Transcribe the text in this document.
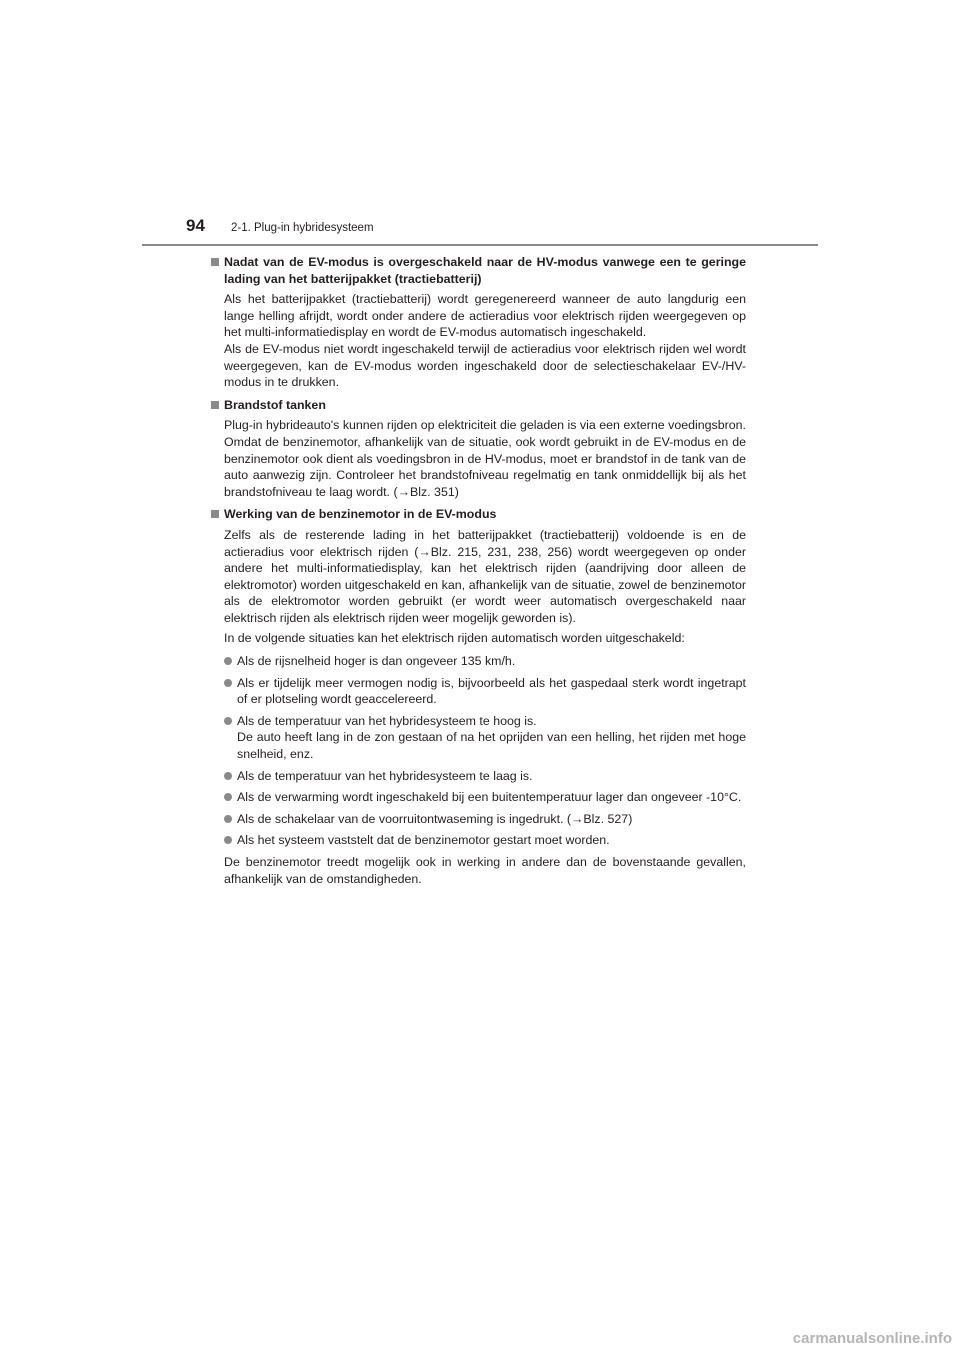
94 2-1. Plug-in hybridesysteem
Nadat van de EV-modus is overgeschakeld naar de HV-modus vanwege een te geringe lading van het batterijpakket (tractiebatterij)
Als het batterijpakket (tractiebatterij) wordt geregenereerd wanneer de auto langdurig een lange helling afrijdt, wordt onder andere de actieradius voor elektrisch rijden weergegeven op het multi-informatiedisplay en wordt de EV-modus automatisch ingeschakeld.
Als de EV-modus niet wordt ingeschakeld terwijl de actieradius voor elektrisch rijden wel wordt weergegeven, kan de EV-modus worden ingeschakeld door de selectieschakelaar EV-/HV-modus in te drukken.
Brandstof tanken
Plug-in hybrideauto's kunnen rijden op elektriciteit die geladen is via een externe voedingsbron. Omdat de benzinemotor, afhankelijk van de situatie, ook wordt gebruikt in de EV-modus en de benzinemotor ook dient als voedingsbron in de HV-modus, moet er brandstof in de tank van de auto aanwezig zijn. Controleer het brandstofniveau regelmatig en tank onmiddellijk bij als het brandstofniveau te laag wordt. (→Blz. 351)
Werking van de benzinemotor in de EV-modus
Zelfs als de resterende lading in het batterijpakket (tractiebatterij) voldoende is en de actieradius voor elektrisch rijden (→Blz. 215, 231, 238, 256) wordt weergegeven op onder andere het multi-informatiedisplay, kan het elektrisch rijden (aandrijving door alleen de elektromotor) worden uitgeschakeld en kan, afhankelijk van de situatie, zowel de benzinemotor als de elektromotor worden gebruikt (er wordt weer automatisch overgeschakeld naar elektrisch rijden als elektrisch rijden weer mogelijk geworden is).
In de volgende situaties kan het elektrisch rijden automatisch worden uitgeschakeld:
Als de rijsnelheid hoger is dan ongeveer 135 km/h.
Als er tijdelijk meer vermogen nodig is, bijvoorbeeld als het gaspedaal sterk wordt ingetrapt of er plotseling wordt geaccelereerd.
Als de temperatuur van het hybridesysteem te hoog is.
De auto heeft lang in de zon gestaan of na het oprijden van een helling, het rijden met hoge snelheid, enz.
Als de temperatuur van het hybridesysteem te laag is.
Als de verwarming wordt ingeschakeld bij een buitentemperatuur lager dan ongeveer -10°C.
Als de schakelaar van de voorruitontwaseming is ingedrukt. (→Blz. 527)
Als het systeem vaststelt dat de benzinemotor gestart moet worden.
De benzinemotor treedt mogelijk ook in werking in andere dan de bovenstaande gevallen, afhankelijk van de omstandigheden.
carmanualsonline.info
